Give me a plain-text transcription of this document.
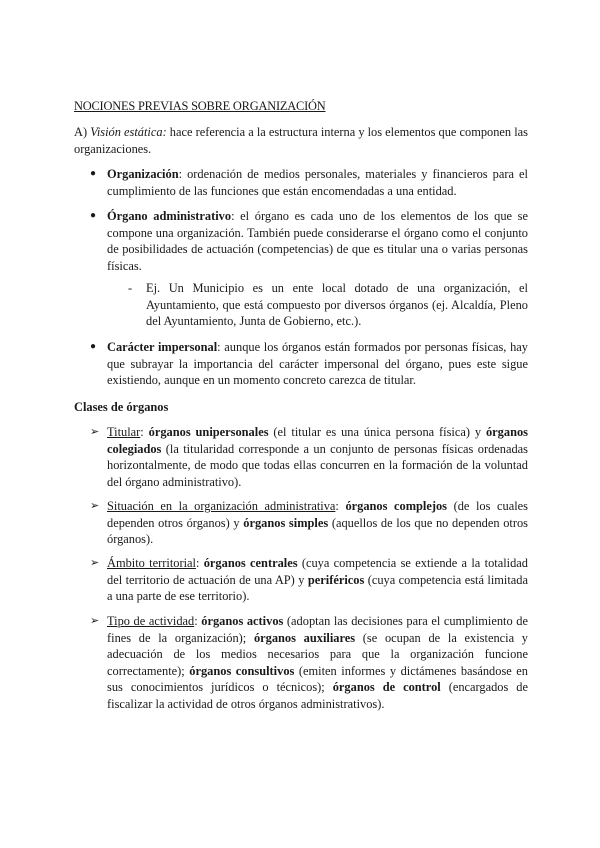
NOCIONES PREVIAS SOBRE ORGANIZACIÓN

A) Visión estática: hace referencia a la estructura interna y los elementos que componen las organizaciones.

● Organización: ordenación de medios personales, materiales y financieros para el cumplimiento de las funciones que están encomendadas a una entidad.

● Órgano administrativo: el órgano es cada uno de los elementos de los que se compone una organización. También puede considerarse el órgano como el conjunto de posibilidades de actuación (competencias) de que es titular una o varias personas físicas.

- Ej. Un Municipio es un ente local dotado de una organización, el Ayuntamiento, que está compuesto por diversos órganos (ej. Alcaldía, Pleno del Ayuntamiento, Junta de Gobierno, etc.).

● Carácter impersonal: aunque los órganos están formados por personas físicas, hay que subrayar la importancia del carácter impersonal del órgano, pues este sigue existiendo, aunque en un momento concreto carezca de titular.

Clases de órganos

➢ Titular: órganos unipersonales (el titular es una única persona física) y órganos colegiados (la titularidad corresponde a un conjunto de personas físicas ordenadas horizontalmente, de modo que todas ellas concurren en la formación de la voluntad del órgano administrativo).

➢ Situación en la organización administrativa: órganos complejos (de los cuales dependen otros órganos) y órganos simples (aquellos de los que no dependen otros órganos).

➢ Ámbito territorial: órganos centrales (cuya competencia se extiende a la totalidad del territorio de actuación de una AP) y periféricos (cuya competencia está limitada a una parte de ese territorio).

➢ Tipo de actividad: órganos activos (adoptan las decisiones para el cumplimiento de fines de la organización); órganos auxiliares (se ocupan de la existencia y adecuación de los medios necesarios para que la organización funcione correctamente); órganos consultivos (emiten informes y dictámenes basándose en sus conocimientos jurídicos o técnicos); órganos de control (encargados de fiscalizar la actividad de otros órganos administrativos).
